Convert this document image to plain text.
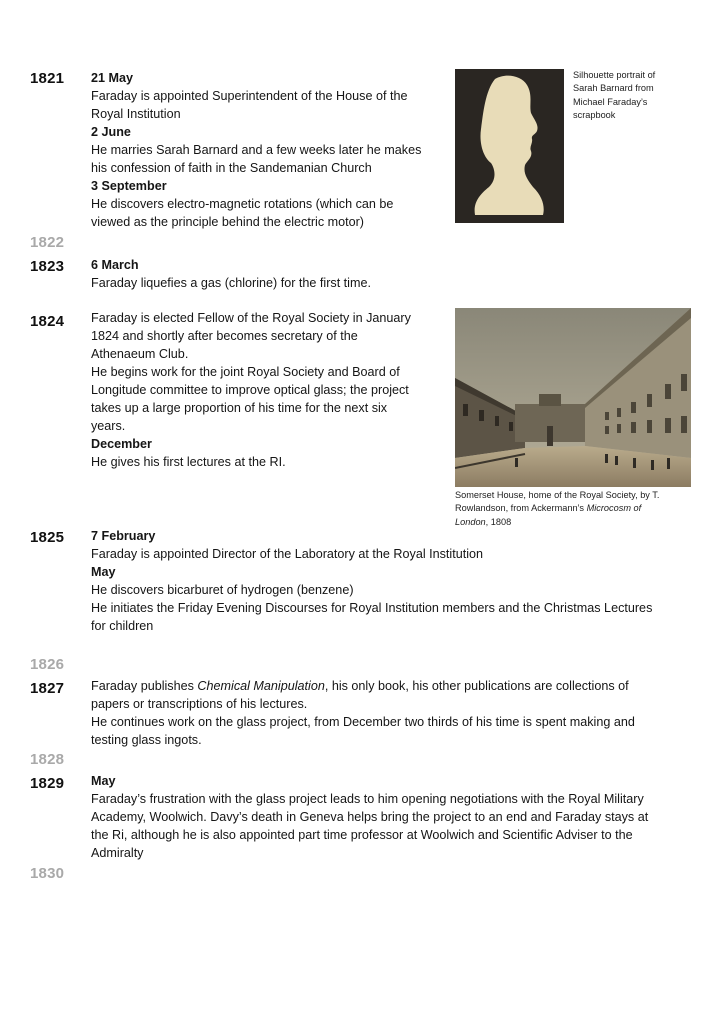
1821
1822
1823
1824
1825
1826
1827
1828
1829
1830
21 May
Faraday is appointed Superintendent of the House of the
Royal Institution
2 June
He marries Sarah Barnard and a few weeks later he makes
his confession of faith in the Sandemanian Church
3 September
He discovers electro-magnetic rotations (which can be
viewed as the principle behind the electric motor)
Silhouette portrait of
Sarah Barnard from
Michael Faraday’s
scrapbook
6 March
Faraday liquefies a gas (chlorine) for the first time.
Faraday is elected Fellow of the Royal Society in January
1824 and shortly after becomes secretary of the
Athenaeum Club.
He begins work for the joint Royal Society and Board of
Longitude committee to improve optical glass; the project
takes up a large proportion of his time for the next six
years.
December
He gives his first lectures at the RI.
Somerset House, home of the Royal Society, by T.
Rowlandson, from Ackermann’s Microcosm of
London, 1808
7 February
Faraday is appointed Director of the Laboratory at the Royal Institution
May
He discovers bicarburet of hydrogen (benzene)
He initiates the Friday Evening Discourses for Royal Institution members and the Christmas Lectures
for children
Faraday publishes Chemical Manipulation, his only book, his other publications are collections of
papers or transcriptions of his lectures.
He continues work on the glass project, from December two thirds of his time is spent making and
testing glass ingots.
May
Faraday’s frustration with the glass project leads to him opening negotiations with the Royal Military
Academy, Woolwich. Davy’s death in Geneva helps bring the project to an end and Faraday stays at
the Ri, although he is also appointed part time professor at Woolwich and Scientific Adviser to the
Admiralty
